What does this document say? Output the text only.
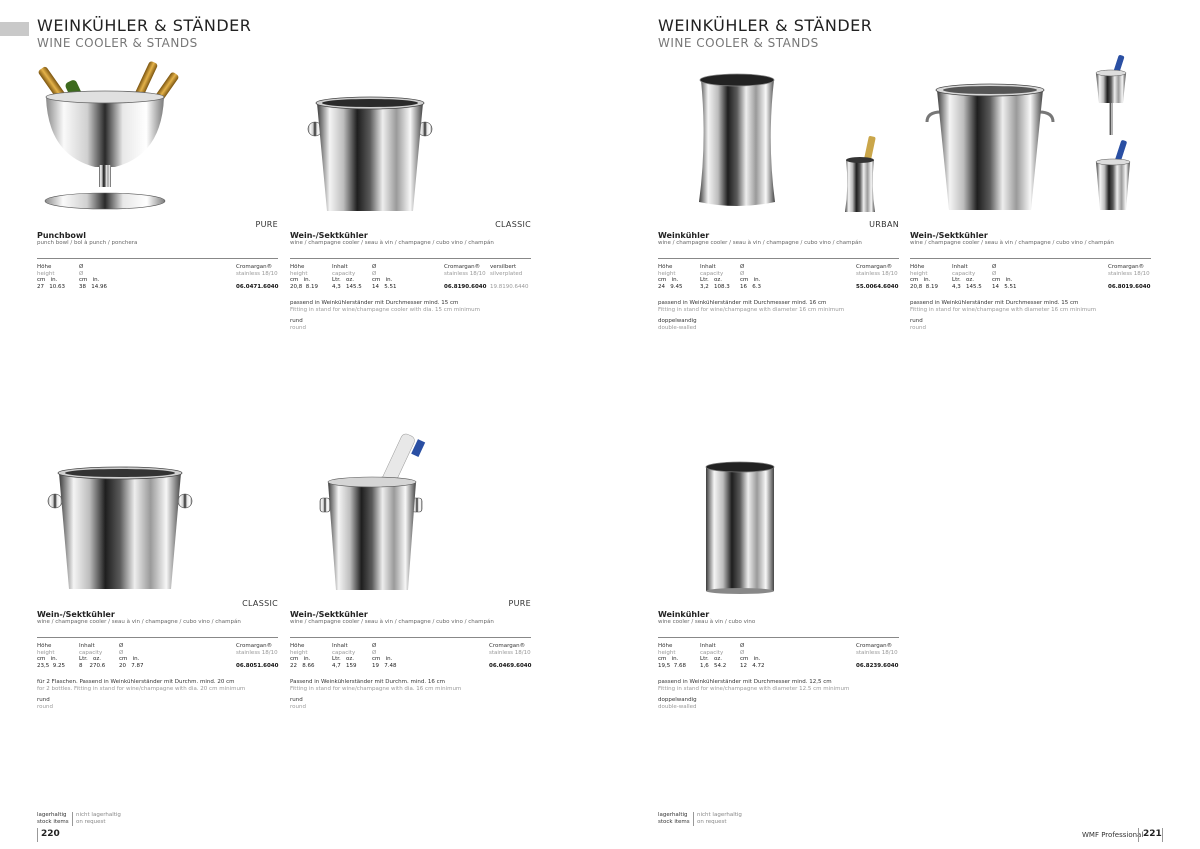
WEINKÜHLER & STÄNDER
WINE COOLER & STANDS
WEINKÜHLER & STÄNDER
WINE COOLER & STANDS
PURE
Punchbowl
punch bowl / bol à punch / ponchera
Höhe
height
cm in.
27 10.63
Ø
Ø
cm in.
38 14.96
Cromargan®
stainless 18/10

06.0471.6040
CLASSIC
Wein-/Sektkühler
wine / champagne cooler / seau à vin / champagne / cubo vino / champán
Höhe
height
cm in.
20,8 8.19
Inhalt
capacity
Ltr. oz.
4,3 145.5
Ø
Ø
cm in.
14 5.51
Cromargan®
stainless 18/10

06.8190.6040
versilbert
silverplated

19.8190.6440
passend in Weinkühlerständer mit Durchmesser mind. 15 cm
Fitting in stand for wine/champagne cooler with dia. 15 cm minimum
rund
round
URBAN
Weinkühler
wine / champagne cooler / seau à vin / champagne / cubo vino / champán
Höhe
height
cm in.
24 9.45
Inhalt
capacity
Ltr. oz.
3,2 108.3
Ø
Ø
cm in.
16 6.3
Cromargan®
stainless 18/10

55.0064.6040
passend in Weinkühlerständer mit Durchmesser mind. 16 cm
Fitting in stand for wine/champagne with diameter 16 cm minimum
doppelwandig
double-walled
Wein-/Sektkühler
wine / champagne cooler / seau à vin / champagne / cubo vino / champán
Höhe
height
cm in.
20,8 8.19
Inhalt
capacity
Ltr. oz.
4,3 145.5
Ø
Ø
cm in.
14 5.51
Cromargan®
stainless 18/10

06.8019.6040
passend in Weinkühlerständer mit Durchmesser mind. 15 cm
Fitting in stand for wine/champagne with diameter 16 cm minimum
rund
round
CLASSIC
Wein-/Sektkühler
wine / champagne cooler / seau à vin / champagne / cubo vino / champán
Höhe
height
cm in.
23,5 9.25
Inhalt
capacity
Ltr. oz.
8 270.6
Ø
Ø
cm in.
20 7.87
Cromargan®
stainless 18/10

06.8051.6040
für 2 Flaschen. Passend in Weinkühlerständer mit Durchm. mind. 20 cm
for 2 bottles. Fitting in stand for wine/champagne with dia. 20 cm minimum
rund
round
PURE
Wein-/Sektkühler
wine / champagne cooler / seau à vin / champagne / cubo vino / champán
Höhe
height
cm in.
22 8.66
Inhalt
capacity
Ltr. oz.
4,7 159
Ø
Ø
cm in.
19 7.48
Cromargan®
stainless 18/10

06.0469.6040
Passend in Weinkühlerständer mit Durchm. mind. 16 cm
Fitting in stand for wine/champagne with dia. 16 cm minimum
rund
round
Weinkühler
wine cooler / seau à vin / cubo vino
Höhe
height
cm in.
19,5 7.68
Inhalt
capacity
Ltr. oz.
1,6 54.2
Ø
Ø
cm in.
12 4.72
Cromargan®
stainless 18/10

06.8239.6040
passend in Weinkühlerständer mit Durchmesser mind. 12,5 cm
Fitting in stand for wine/champagne with diameter 12.5 cm minimum
doppelwandig
double-walled
lagerhaltig
stock items
nicht lagerhaltig
on request
220
lagerhaltig
stock items
nicht lagerhaltig
on request
WMF Professional 221
